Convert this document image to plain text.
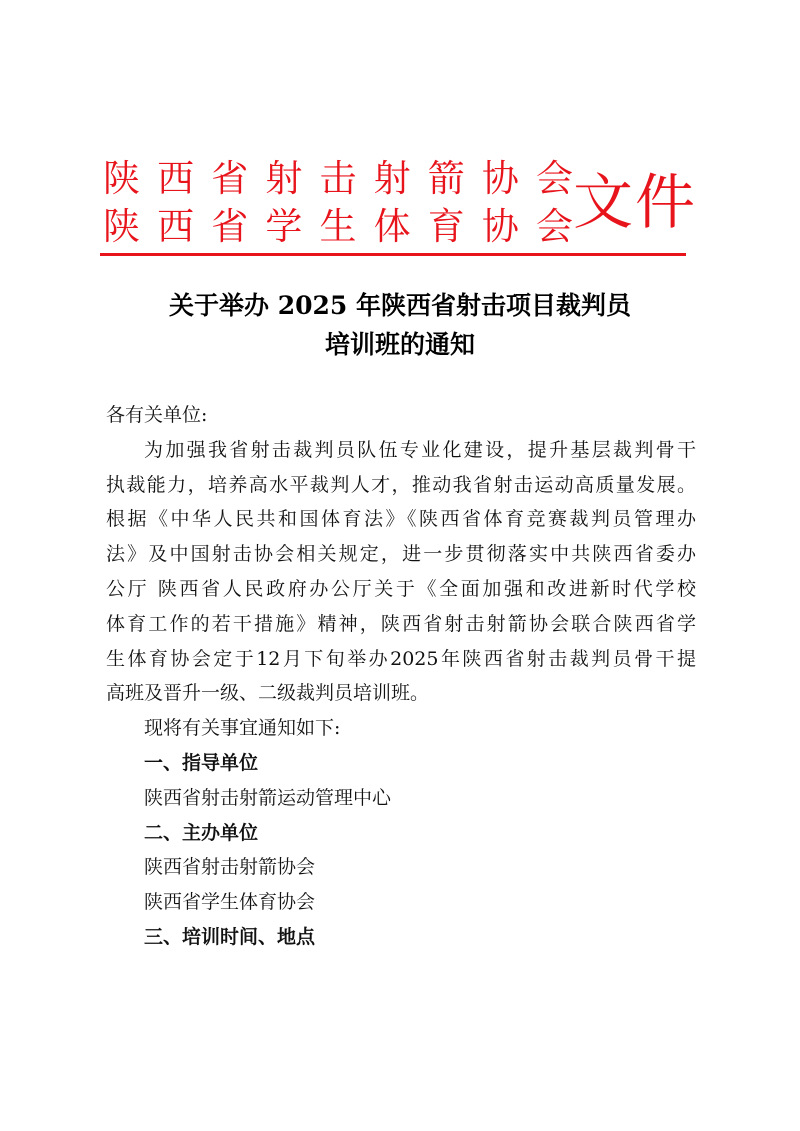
陕 西 省 射 击 射 箭 协 会
陕 西 省 学 生 体 育 协 会 文件
关于举办 2025 年陕西省射击项目裁判员
培训班的通知
各有关单位:
为加强我省射击裁判员队伍专业化建设，提升基层裁判骨干
执裁能力，培养高水平裁判人才，推动我省射击运动高质量发展。
根据《中华人民共和国体育法》《陕西省体育竞赛裁判员管理办
法》及中国射击协会相关规定，进一步贯彻落实中共陕西省委办
公厅 陕西省人民政府办公厅关于《全面加强和改进新时代学校
体育工作的若干措施》精神，陕西省射击射箭协会联合陕西省学
生体育协会定于12月下旬举办2025年陕西省射击裁判员骨干提
高班及晋升一级、二级裁判员培训班。
现将有关事宜通知如下:
一、指导单位
陕西省射击射箭运动管理中心
二、主办单位
陕西省射击射箭协会
陕西省学生体育协会
三、培训时间、地点
